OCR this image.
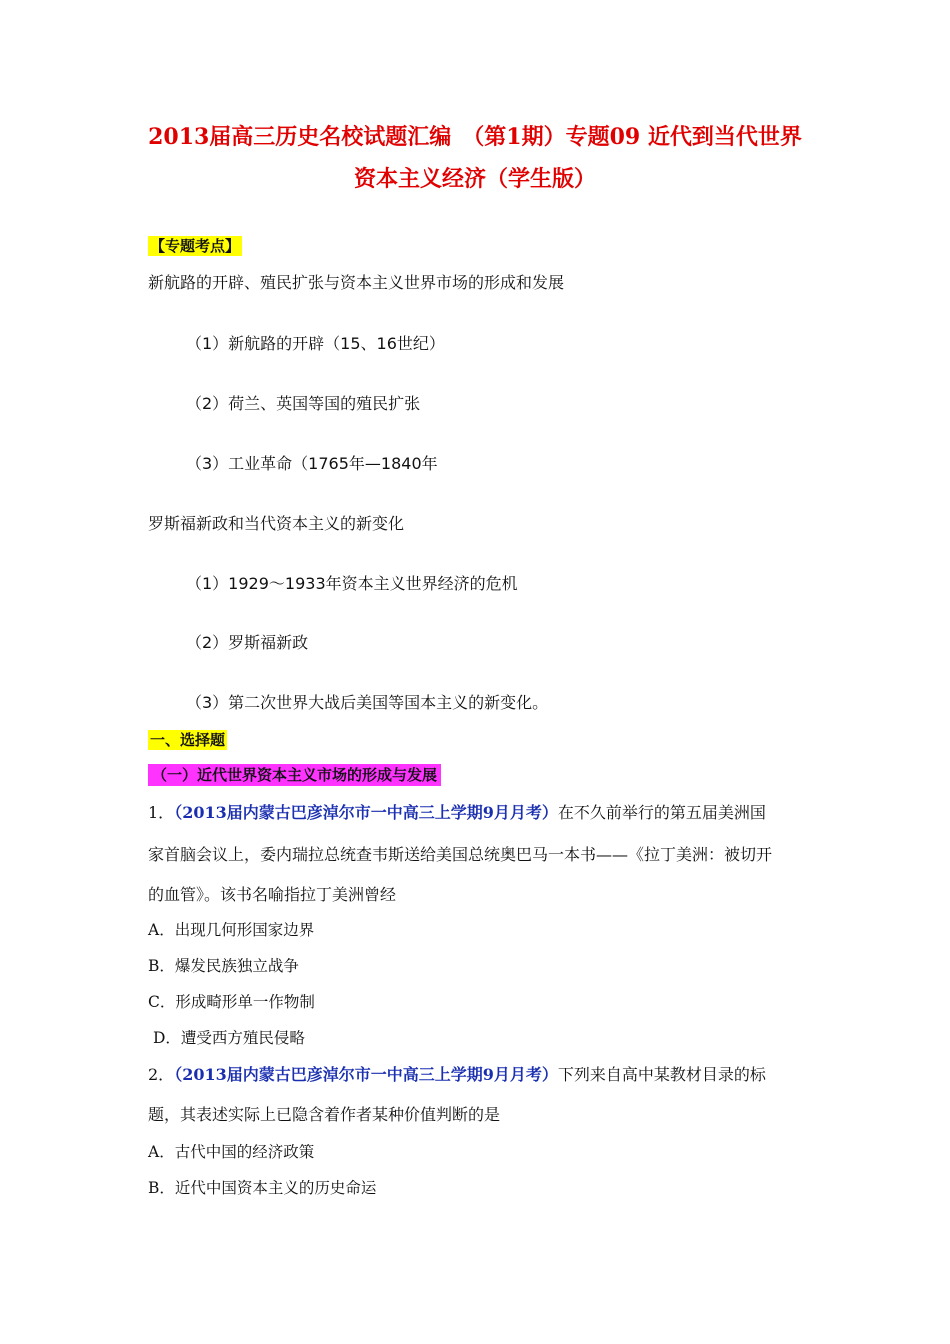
2013届高三历史名校试题汇编　（第1期）专题09 近代到当代世界
资本主义经济（学生版）
【专题考点】
新航路的开辟、殖民扩张与资本主义世界市场的形成和发展
（1）新航路的开辟（15、16世纪）
（2）荷兰、英国等国的殖民扩张
（3）工业革命（1765年—1840年
罗斯福新政和当代资本主义的新变化
（1）1929～1933年资本主义世界经济的危机
（2）罗斯福新政
（3）第二次世界大战后美国等国本主义的新变化。
一、选择题
（一）近代世界资本主义市场的形成与发展
1．（2013届内蒙古巴彦淖尔市一中高三上学期9月月考）在不久前举行的第五届美洲国
家首脑会议上，委内瑞拉总统查韦斯送给美国总统奥巴马一本书——《拉丁美洲：被切开
的血管》。该书名喻指拉丁美洲曾经
A．出现几何形国家边界
B．爆发民族独立战争
C．形成畸形单一作物制
D．遭受西方殖民侵略
2．（2013届内蒙古巴彦淖尔市一中高三上学期9月月考）下列来自高中某教材目录的标
题，其表述实际上已隐含着作者某种价值判断的是
A．古代中国的经济政策
B．近代中国资本主义的历史命运
